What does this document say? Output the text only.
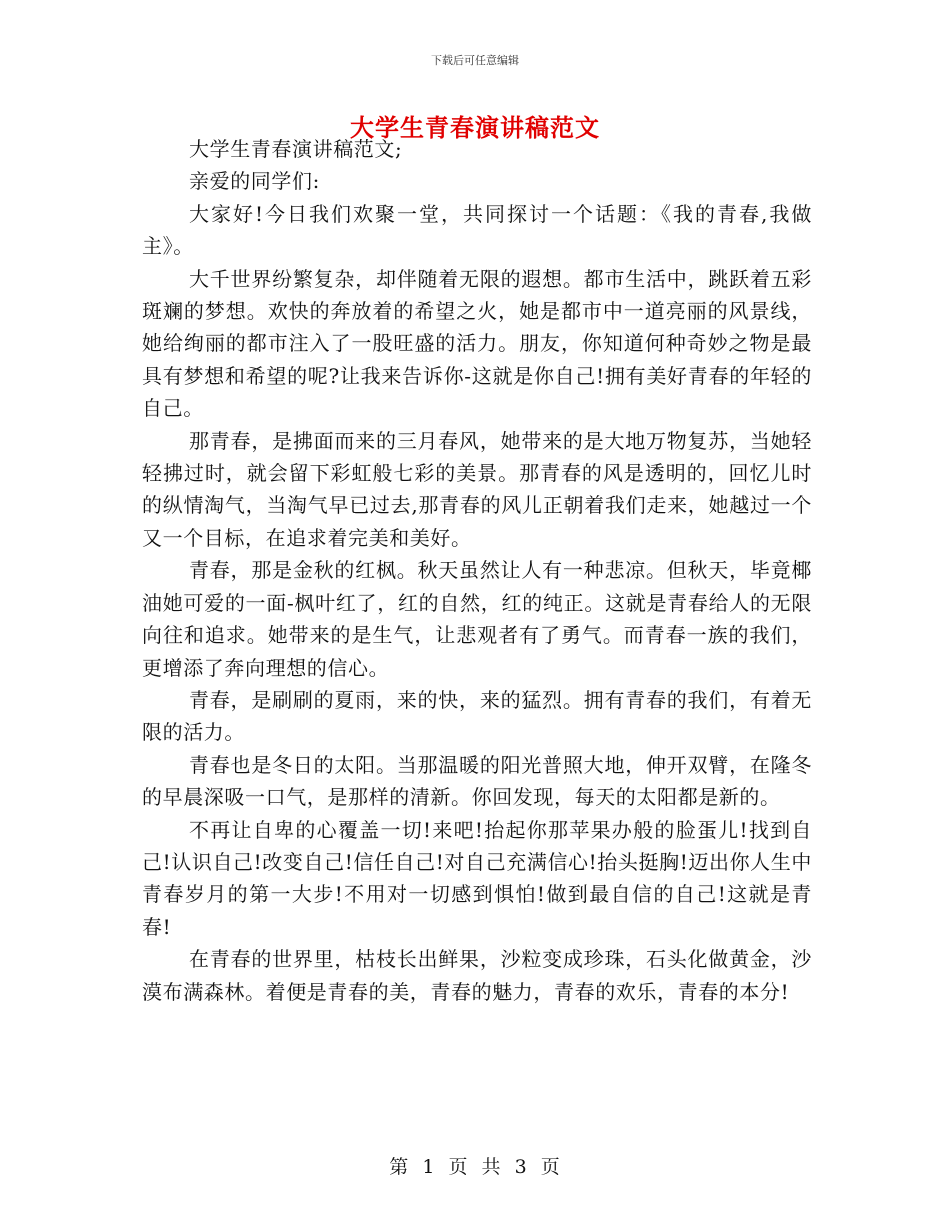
下载后可任意编辑
大学生青春演讲稿范文

大学生青春演讲稿范文;

亲爱的同学们:

大家好!今日我们欢聚一堂，共同探讨一个话题：《我的青春,我做主》。

大千世界纷繁复杂，却伴随着无限的遐想。都市生活中，跳跃着五彩斑斓的梦想。欢快的奔放着的希望之火，她是都市中一道亮丽的风景线，她给绚丽的都市注入了一股旺盛的活力。朋友，你知道何种奇妙之物是最具有梦想和希望的呢?让我来告诉你-这就是你自己!拥有美好青春的年轻的自己。

那青春，是拂面而来的三月春风，她带来的是大地万物复苏，当她轻轻拂过时，就会留下彩虹般七彩的美景。那青春的风是透明的，回忆儿时的纵情淘气，当淘气早已过去,那青春的风儿正朝着我们走来，她越过一个又一个目标，在追求着完美和美好。

青春，那是金秋的红枫。秋天虽然让人有一种悲凉。但秋天，毕竟椰油她可爱的一面-枫叶红了，红的自然，红的纯正。这就是青春给人的无限向往和追求。她带来的是生气，让悲观者有了勇气。而青春一族的我们，更增添了奔向理想的信心。

青春，是刷刷的夏雨，来的快，来的猛烈。拥有青春的我们，有着无限的活力。

青春也是冬日的太阳。当那温暖的阳光普照大地，伸开双臂，在隆冬的早晨深吸一口气，是那样的清新。你回发现，每天的太阳都是新的。

不再让自卑的心覆盖一切!来吧!抬起你那苹果办般的脸蛋儿!找到自己!认识自己!改变自己!信任自己!对自己充满信心!抬头挺胸!迈出你人生中青春岁月的第一大步!不用对一切感到惧怕!做到最自信的自己!这就是青春!

在青春的世界里，枯枝长出鲜果，沙粒变成珍珠，石头化做黄金，沙漠布满森林。着便是青春的美，青春的魅力，青春的欢乐，青春的本分!

第 1 页 共 3 页
